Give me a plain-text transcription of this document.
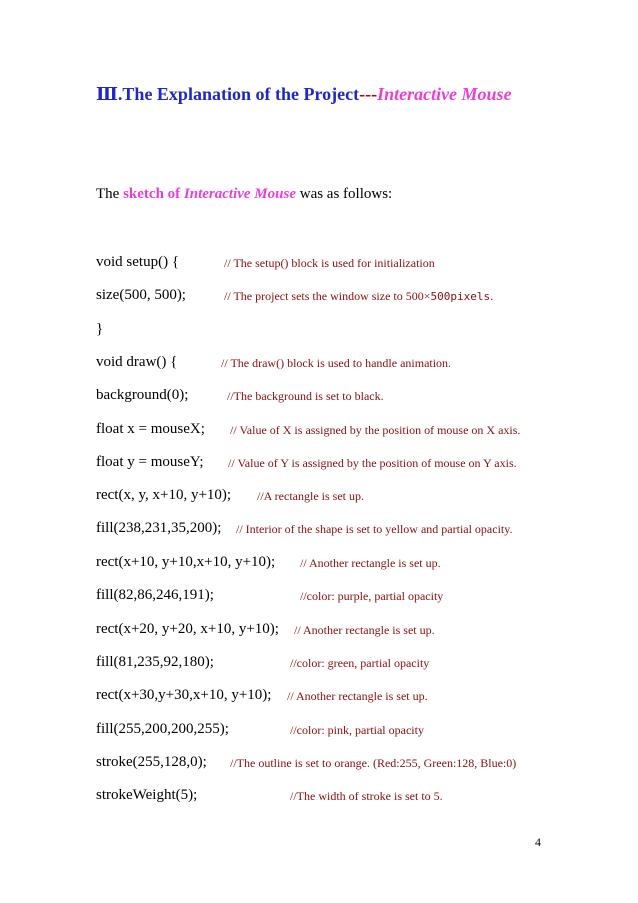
Ⅲ.The Explanation of the Project---Interactive Mouse
The sketch of Interactive Mouse was as follows:
void setup() {	// The setup() block is used for initialization
size(500, 500);	// The project sets the window size to 500×500pixels.
}
void draw() {	// The draw() block is used to handle animation.
background(0);	//The background is set to black.
float x = mouseX; // Value of X is assigned by the position of mouse on X axis.
float y = mouseY; // Value of Y is assigned by the position of mouse on Y axis.
rect(x, y, x+10, y+10); //A rectangle is set up.
fill(238,231,35,200); // Interior of the shape is set to yellow and partial opacity.
rect(x+10, y+10,x+10, y+10); // Another rectangle is set up.
fill(82,86,246,191);	//color: purple, partial opacity
rect(x+20, y+20, x+10, y+10); // Another rectangle is set up.
fill(81,235,92,180);	//color: green, partial opacity
rect(x+30,y+30,x+10, y+10); // Another rectangle is set up.
fill(255,200,200,255);	//color: pink, partial opacity
stroke(255,128,0); //The outline is set to orange. (Red:255, Green:128, Blue:0)
strokeWeight(5);	//The width of stroke is set to 5.
4
